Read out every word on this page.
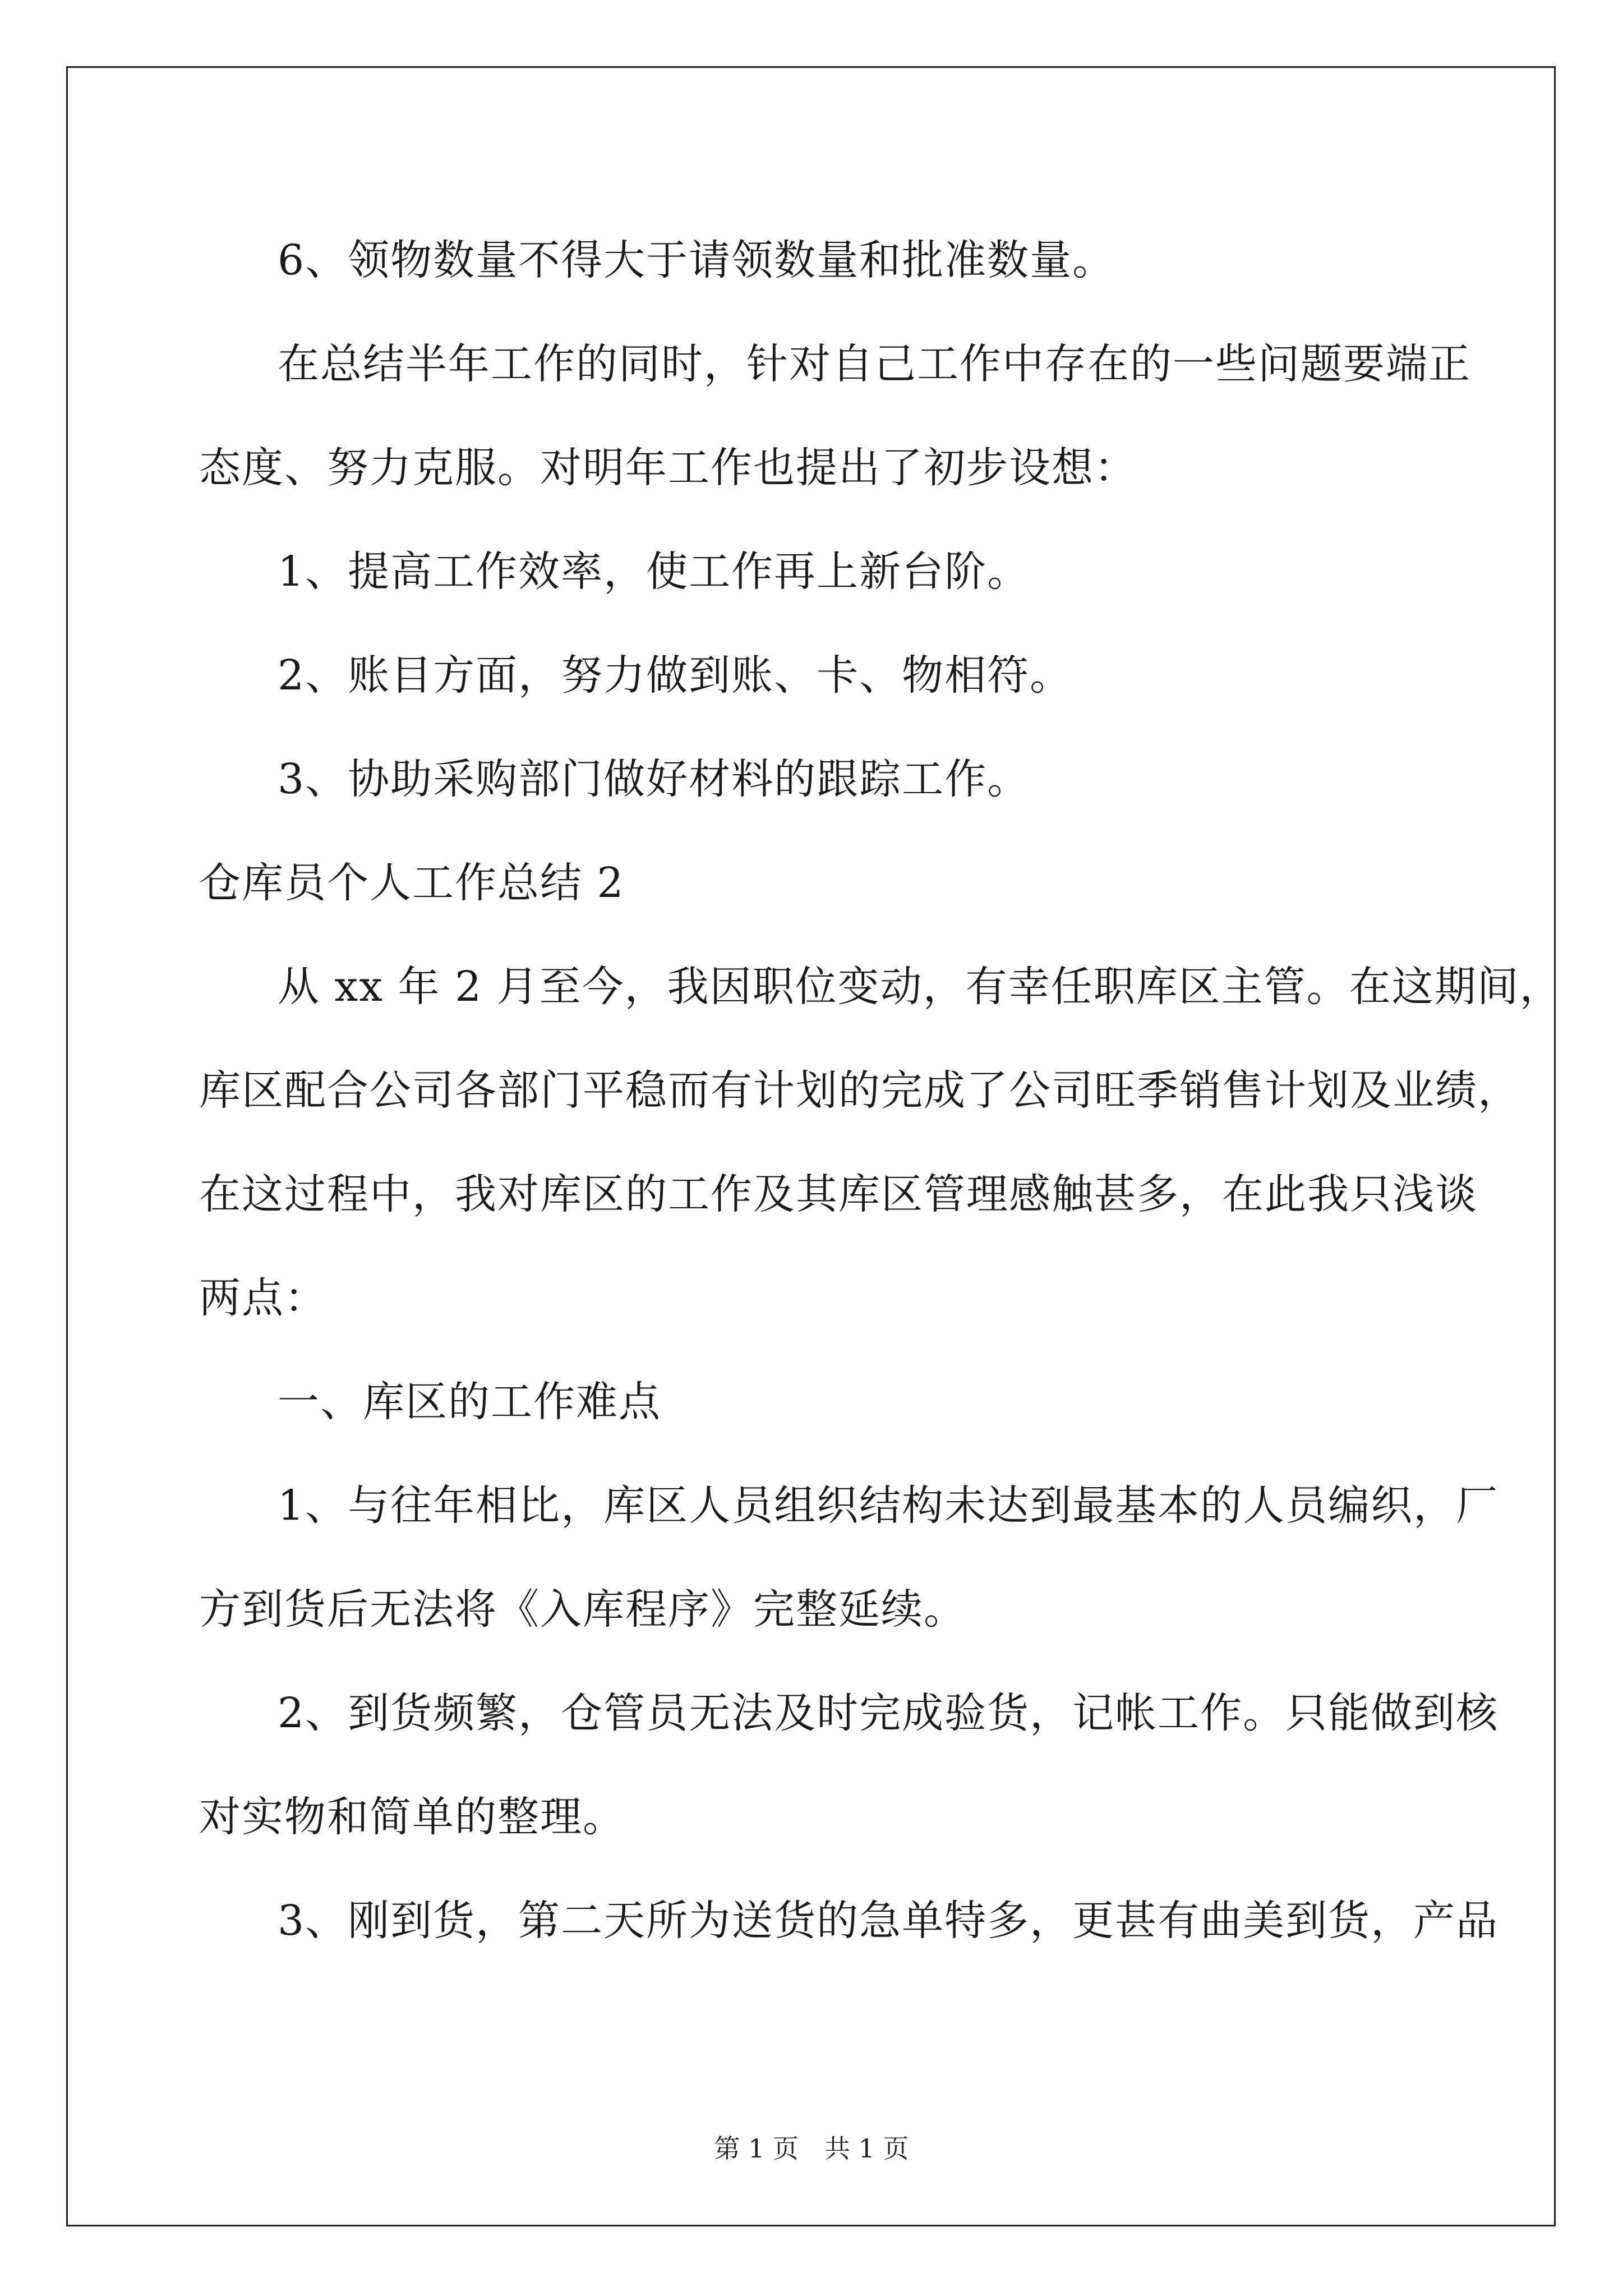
6、领物数量不得大于请领数量和批准数量。
在总结半年工作的同时，针对自己工作中存在的一些问题要端正
态度、努力克服。对明年工作也提出了初步设想：
1、提高工作效率，使工作再上新台阶。
2、账目方面，努力做到账、卡、物相符。
3、协助采购部门做好材料的跟踪工作。
仓库员个人工作总结 2
从 xx 年 2 月至今，我因职位变动，有幸任职库区主管。在这期间，
库区配合公司各部门平稳而有计划的完成了公司旺季销售计划及业绩，
在这过程中，我对库区的工作及其库区管理感触甚多，在此我只浅谈
两点：
一、库区的工作难点
1、与往年相比，库区人员组织结构未达到最基本的人员编织，厂
方到货后无法将《入库程序》完整延续。
2、到货频繁，仓管员无法及时完成验货，记帐工作。只能做到核
对实物和简单的整理。
3、刚到货，第二天所为送货的急单特多，更甚有曲美到货，产品
第 1 页　共 1 页
